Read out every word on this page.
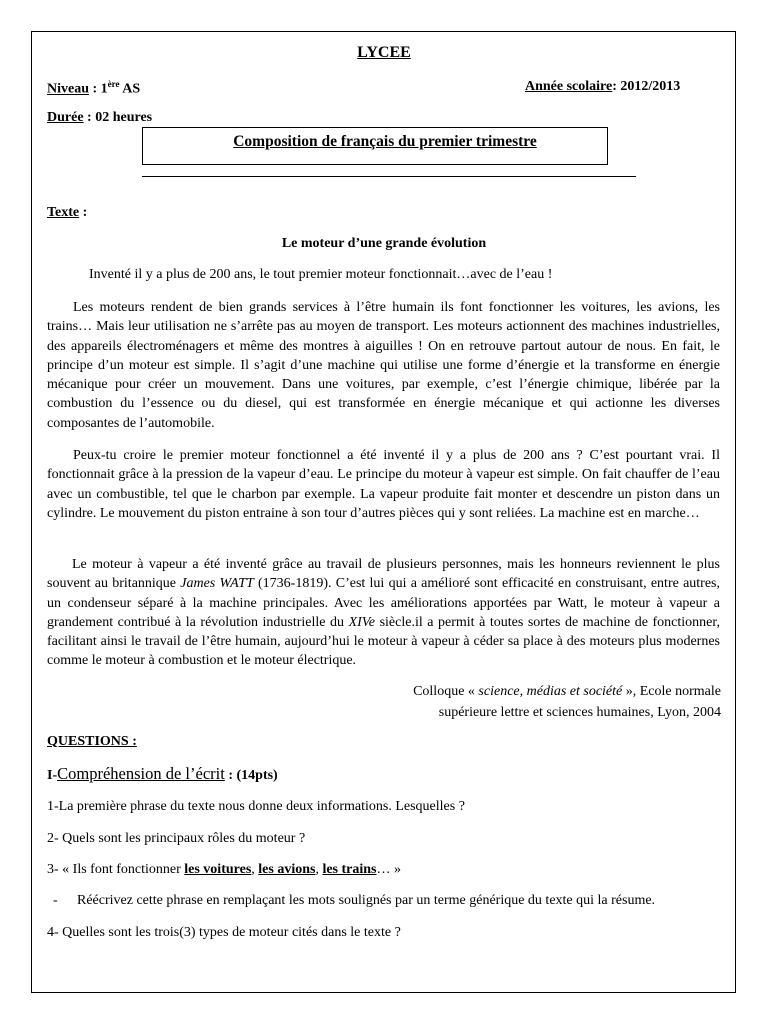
LYCEE
Niveau : 1ère AS	Année scolaire: 2012/2013
Durée : 02 heures
Composition de français du premier trimestre
Texte :
Le moteur d’une grande évolution
Inventé il y a plus de 200 ans, le tout premier moteur fonctionnait…avec de l’eau !

Les moteurs rendent de bien grands services à l’être humain ils font fonctionner les voitures, les avions, les trains… Mais leur utilisation ne s’arrête pas au moyen de transport. Les moteurs actionnent des machines industrielles, des appareils électroménagers et même des montres à aiguilles ! On en retrouve partout autour de nous. En fait, le principe d’un moteur est simple. Il s’agit d’une machine qui utilise une forme d’énergie et la transforme en énergie mécanique pour créer un mouvement. Dans une voitures, par exemple, c’est l’énergie chimique, libérée par la combustion du l’essence ou du diesel, qui est transformée en énergie mécanique et qui actionne les diverses composantes de l’automobile.

Peux-tu croire le premier moteur fonctionnel a été inventé il y a plus de 200 ans ? C’est pourtant vrai. Il fonctionnait grâce à la pression de la vapeur d’eau. Le principe du moteur à vapeur est simple. On fait chauffer de l’eau avec un combustible, tel que le charbon par exemple. La vapeur produite fait monter et descendre un piston dans un cylindre. Le mouvement du piston entraine à son tour d’autres pièces qui y sont reliées. La machine est en marche…

Le moteur à vapeur a été inventé grâce au travail de plusieurs personnes, mais les honneurs reviennent le plus souvent au britannique James WATT (1736-1819). C’est lui qui a amélioré sont efficacité en construisant, entre autres, un condenseur séparé à la machine principales. Avec les améliorations apportées par Watt, le moteur à vapeur a grandement contribué à la révolution industrielle du XIVe siècle.il a permit à toutes sortes de machine de fonctionner, facilitant ainsi le travail de l’être humain, aujourd’hui le moteur à vapeur à céder sa place à des moteurs plus modernes comme le moteur à combustion et le moteur électrique.

Colloque « science, médias et société », Ecole normale
supérieure lettre et sciences humaines, Lyon, 2004
QUESTIONS :
I-Compréhension de l’écrit : (14pts)
1-La première phrase du texte nous donne deux informations. Lesquelles ?
2- Quels sont les principaux rôles du moteur ?
3- « Ils font fonctionner les voitures, les avions, les trains… »
- Réécrivez cette phrase en remplaçant les mots soulignés par un terme générique du texte qui la résume.
4- Quelles sont les trois(3) types de moteur cités dans le texte ?
